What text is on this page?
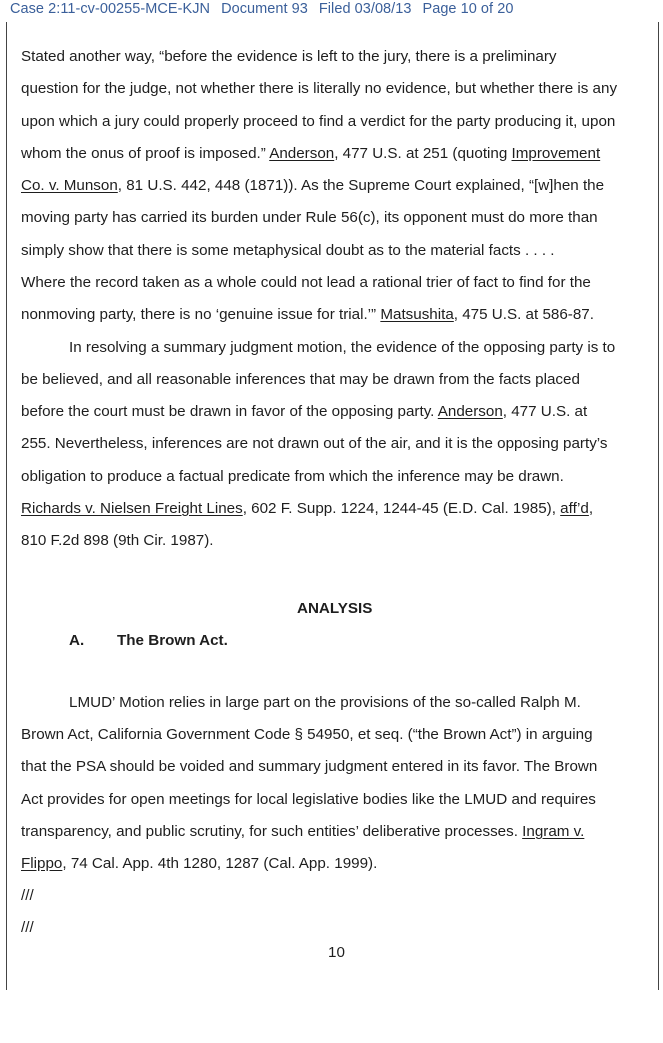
Case 2:11-cv-00255-MCE-KJN Document 93 Filed 03/08/13 Page 10 of 20
Stated another way, “before the evidence is left to the jury, there is a preliminary
question for the judge, not whether there is literally no evidence, but whether there is any
upon which a jury could properly proceed to find a verdict for the party producing it, upon
whom the onus of proof is imposed.” Anderson, 477 U.S. at 251 (quoting Improvement
Co. v. Munson, 81 U.S. 442, 448 (1871)). As the Supreme Court explained, “[w]hen the
moving party has carried its burden under Rule 56(c), its opponent must do more than
simply show that there is some metaphysical doubt as to the material facts . . . .
Where the record taken as a whole could not lead a rational trier of fact to find for the
nonmoving party, there is no ‘genuine issue for trial.’” Matsushita, 475 U.S. at 586-87.
In resolving a summary judgment motion, the evidence of the opposing party is to
be believed, and all reasonable inferences that may be drawn from the facts placed
before the court must be drawn in favor of the opposing party. Anderson, 477 U.S. at
255. Nevertheless, inferences are not drawn out of the air, and it is the opposing party’s
obligation to produce a factual predicate from which the inference may be drawn.
Richards v. Nielsen Freight Lines, 602 F. Supp. 1224, 1244-45 (E.D. Cal. 1985), aff’d,
810 F.2d 898 (9th Cir. 1987).
ANALYSIS
A. The Brown Act.
LMUD’ Motion relies in large part on the provisions of the so-called Ralph M.
Brown Act, California Government Code § 54950, et seq. (“the Brown Act”) in arguing
that the PSA should be voided and summary judgment entered in its favor. The Brown
Act provides for open meetings for local legislative bodies like the LMUD and requires
transparency, and public scrutiny, for such entities’ deliberative processes. Ingram v.
Flippo, 74 Cal. App. 4th 1280, 1287 (Cal. App. 1999).
///
///
10
